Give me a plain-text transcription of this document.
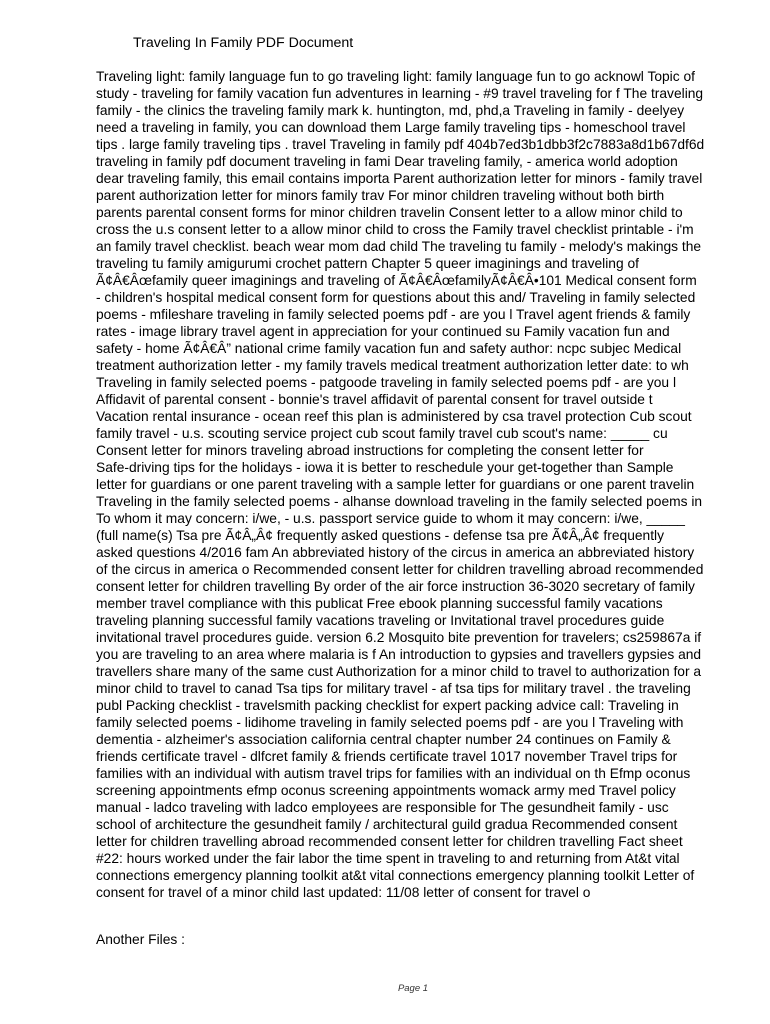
Traveling In Family PDF Document
Traveling light: family language fun to go traveling light: family language fun to go acknowl Topic of
study - traveling for family vacation fun adventures in learning - #9 travel traveling for f The traveling
family - the clinics the traveling family mark k. huntington, md, phd,a Traveling in family - deelyey
need a traveling in family, you can download them Large family traveling tips - homeschool travel
tips . large family traveling tips . travel Traveling in family pdf 404b7ed3b1dbb3f2c7883a8d1b67df6d
traveling in family pdf document traveling in fami Dear traveling family, - america world adoption
dear traveling family, this email contains importa Parent authorization letter for minors - family travel
parent authorization letter for minors family trav For minor children traveling without both birth
parents parental consent forms for minor children travelin Consent letter to a allow minor child to
cross the u.s consent letter to a allow minor child to cross the Family travel checklist printable - i'm
an family travel checklist. beach wear mom dad child The traveling tu family - melody's makings the
traveling tu family amigurumi crochet pattern Chapter 5 queer imaginings and traveling of
Ã¢Â€Âœfamily queer imaginings and traveling of Ã¢Â€ÂœfamilyÃ¢Â€Â•101 Medical consent form
- children's hospital medical consent form for questions about this and/ Traveling in family selected
poems - mfileshare traveling in family selected poems pdf - are you l Travel agent friends & family
rates - image library travel agent in appreciation for your continued su Family vacation fun and
safety - home Ã¢Â€Â” national crime family vacation fun and safety author: ncpc subjec Medical
treatment authorization letter - my family travels medical treatment authorization letter date: to wh
Traveling in family selected poems - patgoode traveling in family selected poems pdf - are you l
Affidavit of parental consent - bonnie's travel affidavit of parental consent for travel outside t
Vacation rental insurance - ocean reef this plan is administered by csa travel protection Cub scout
family travel - u.s. scouting service project cub scout family travel cub scout's name: _____ cu
Consent letter for minors traveling abroad instructions for completing the consent letter for
Safe-driving tips for the holidays - iowa it is better to reschedule your get-together than Sample
letter for guardians or one parent traveling with a sample letter for guardians or one parent travelin
Traveling in the family selected poems - alhanse download traveling in the family selected poems in
To whom it may concern: i/we, - u.s. passport service guide to whom it may concern: i/we, _____
(full name(s) Tsa pre Ã¢Â„Â¢ frequently asked questions - defense tsa pre Ã¢Â„Â¢ frequently
asked questions 4/2016 fam An abbreviated history of the circus in america an abbreviated history
of the circus in america o Recommended consent letter for children travelling abroad recommended
consent letter for children travelling By order of the air force instruction 36-3020 secretary of family
member travel compliance with this publicat Free ebook planning successful family vacations
traveling planning successful family vacations traveling or Invitational travel procedures guide
invitational travel procedures guide. version 6.2 Mosquito bite prevention for travelers; cs259867a if
you are traveling to an area where malaria is f An introduction to gypsies and travellers gypsies and
travellers share many of the same cust Authorization for a minor child to travel to authorization for a
minor child to travel to canad Tsa tips for military travel - af tsa tips for military travel . the traveling
publ Packing checklist - travelsmith packing checklist for expert packing advice call: Traveling in
family selected poems - lidihome traveling in family selected poems pdf - are you l Traveling with
dementia - alzheimer's association california central chapter number 24 continues on Family &
friends certificate travel - dlfcret family & friends certificate travel 1017 november Travel trips for
families with an individual with autism travel trips for families with an individual on th Efmp oconus
screening appointments efmp oconus screening appointments womack army med Travel policy
manual - ladco traveling with ladco employees are responsible for The gesundheit family - usc
school of architecture the gesundheit family / architectural guild gradua Recommended consent
letter for children travelling abroad recommended consent letter for children travelling Fact sheet
#22: hours worked under the fair labor the time spent in traveling to and returning from At&t vital
connections emergency planning toolkit at&t vital connections emergency planning toolkit Letter of
consent for travel of a minor child last updated: 11/08 letter of consent for travel o
Another Files :
Page 1
